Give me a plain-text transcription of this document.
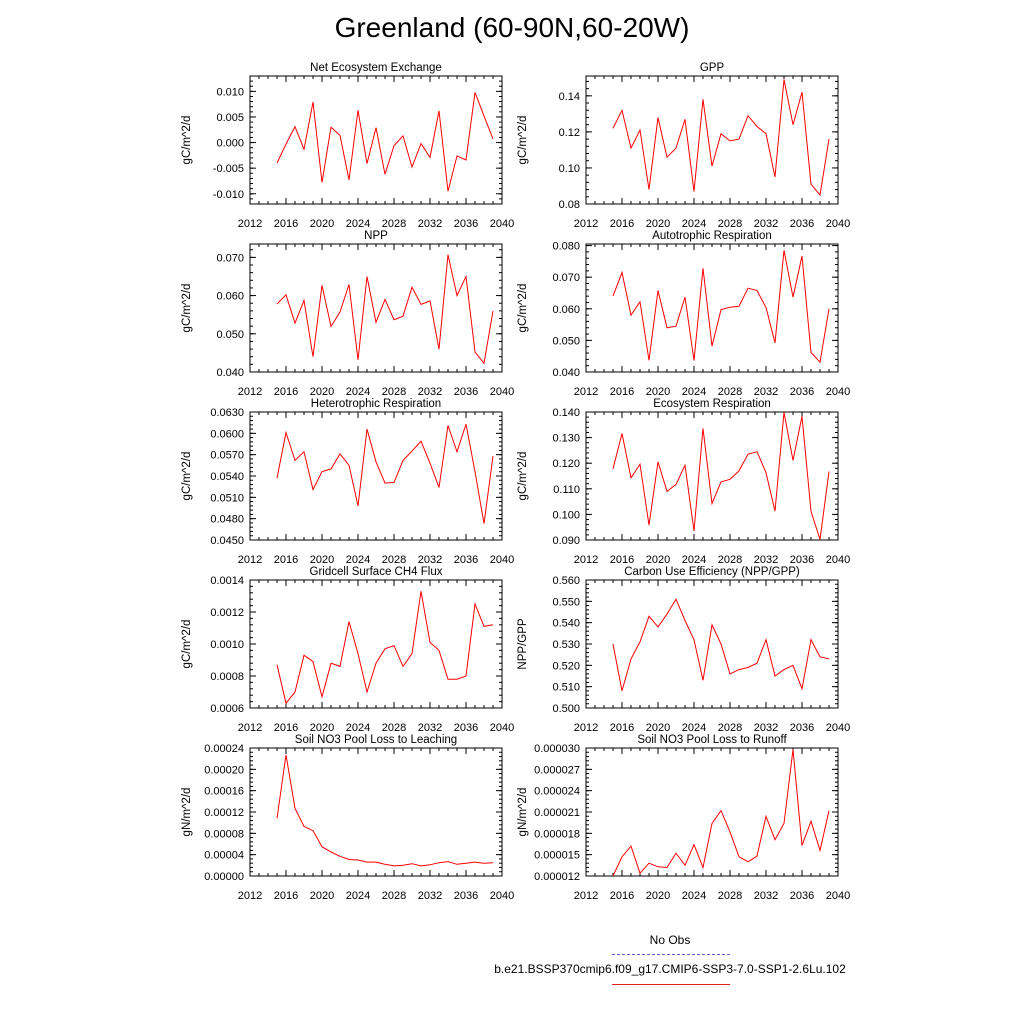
Greenland (60-90N,60-20W)
2012 2016 2020 2024 2028 2032 2036 2040
-0.010
-0.005
0.000
0.005
0.010
Net Ecosystem Exchange
gC/m^2/d
2012 2016 2020 2024 2028 2032 2036 2040
0.08
0.10
0.12
0.14
GPP
gC/m^2/d
2012 2016 2020 2024 2028 2032 2036 2040
0.040
0.050
0.060
0.070
NPP
gC/m^2/d
2012 2016 2020 2024 2028 2032 2036 2040
0.040
0.050
0.060
0.070
0.080
Autotrophic Respiration
gC/m^2/d
2012 2016 2020 2024 2028 2032 2036 2040
0.0450
0.0480
0.0510
0.0540
0.0570
0.0600
0.0630
Heterotrophic Respiration
gC/m^2/d
2012 2016 2020 2024 2028 2032 2036 2040
0.090
0.100
0.110
0.120
0.130
0.140
Ecosystem Respiration
gC/m^2/d
2012 2016 2020 2024 2028 2032 2036 2040
0.0006
0.0008
0.0010
0.0012
0.0014
Gridcell Surface CH4 Flux
gC/m^2/d
2012 2016 2020 2024 2028 2032 2036 2040
0.500
0.510
0.520
0.530
0.540
0.550
0.560
Carbon Use Efficiency (NPP/GPP)
NPP/GPP
2012 2016 2020 2024 2028 2032 2036 2040
0.00000
0.00004
0.00008
0.00012
0.00016
0.00020
0.00024
Soil NO3 Pool Loss to Leaching
gN/m^2/d
2012 2016 2020 2024 2028 2032 2036 2040
0.000012
0.000015
0.000018
0.000021
0.000024
0.000027
0.000030
Soil NO3 Pool Loss to Runoff
gN/m^2/d
No Obs
b.e21.BSSP370cmip6.f09_g17.CMIP6-SSP3-7.0-SSP1-2.6Lu.102
